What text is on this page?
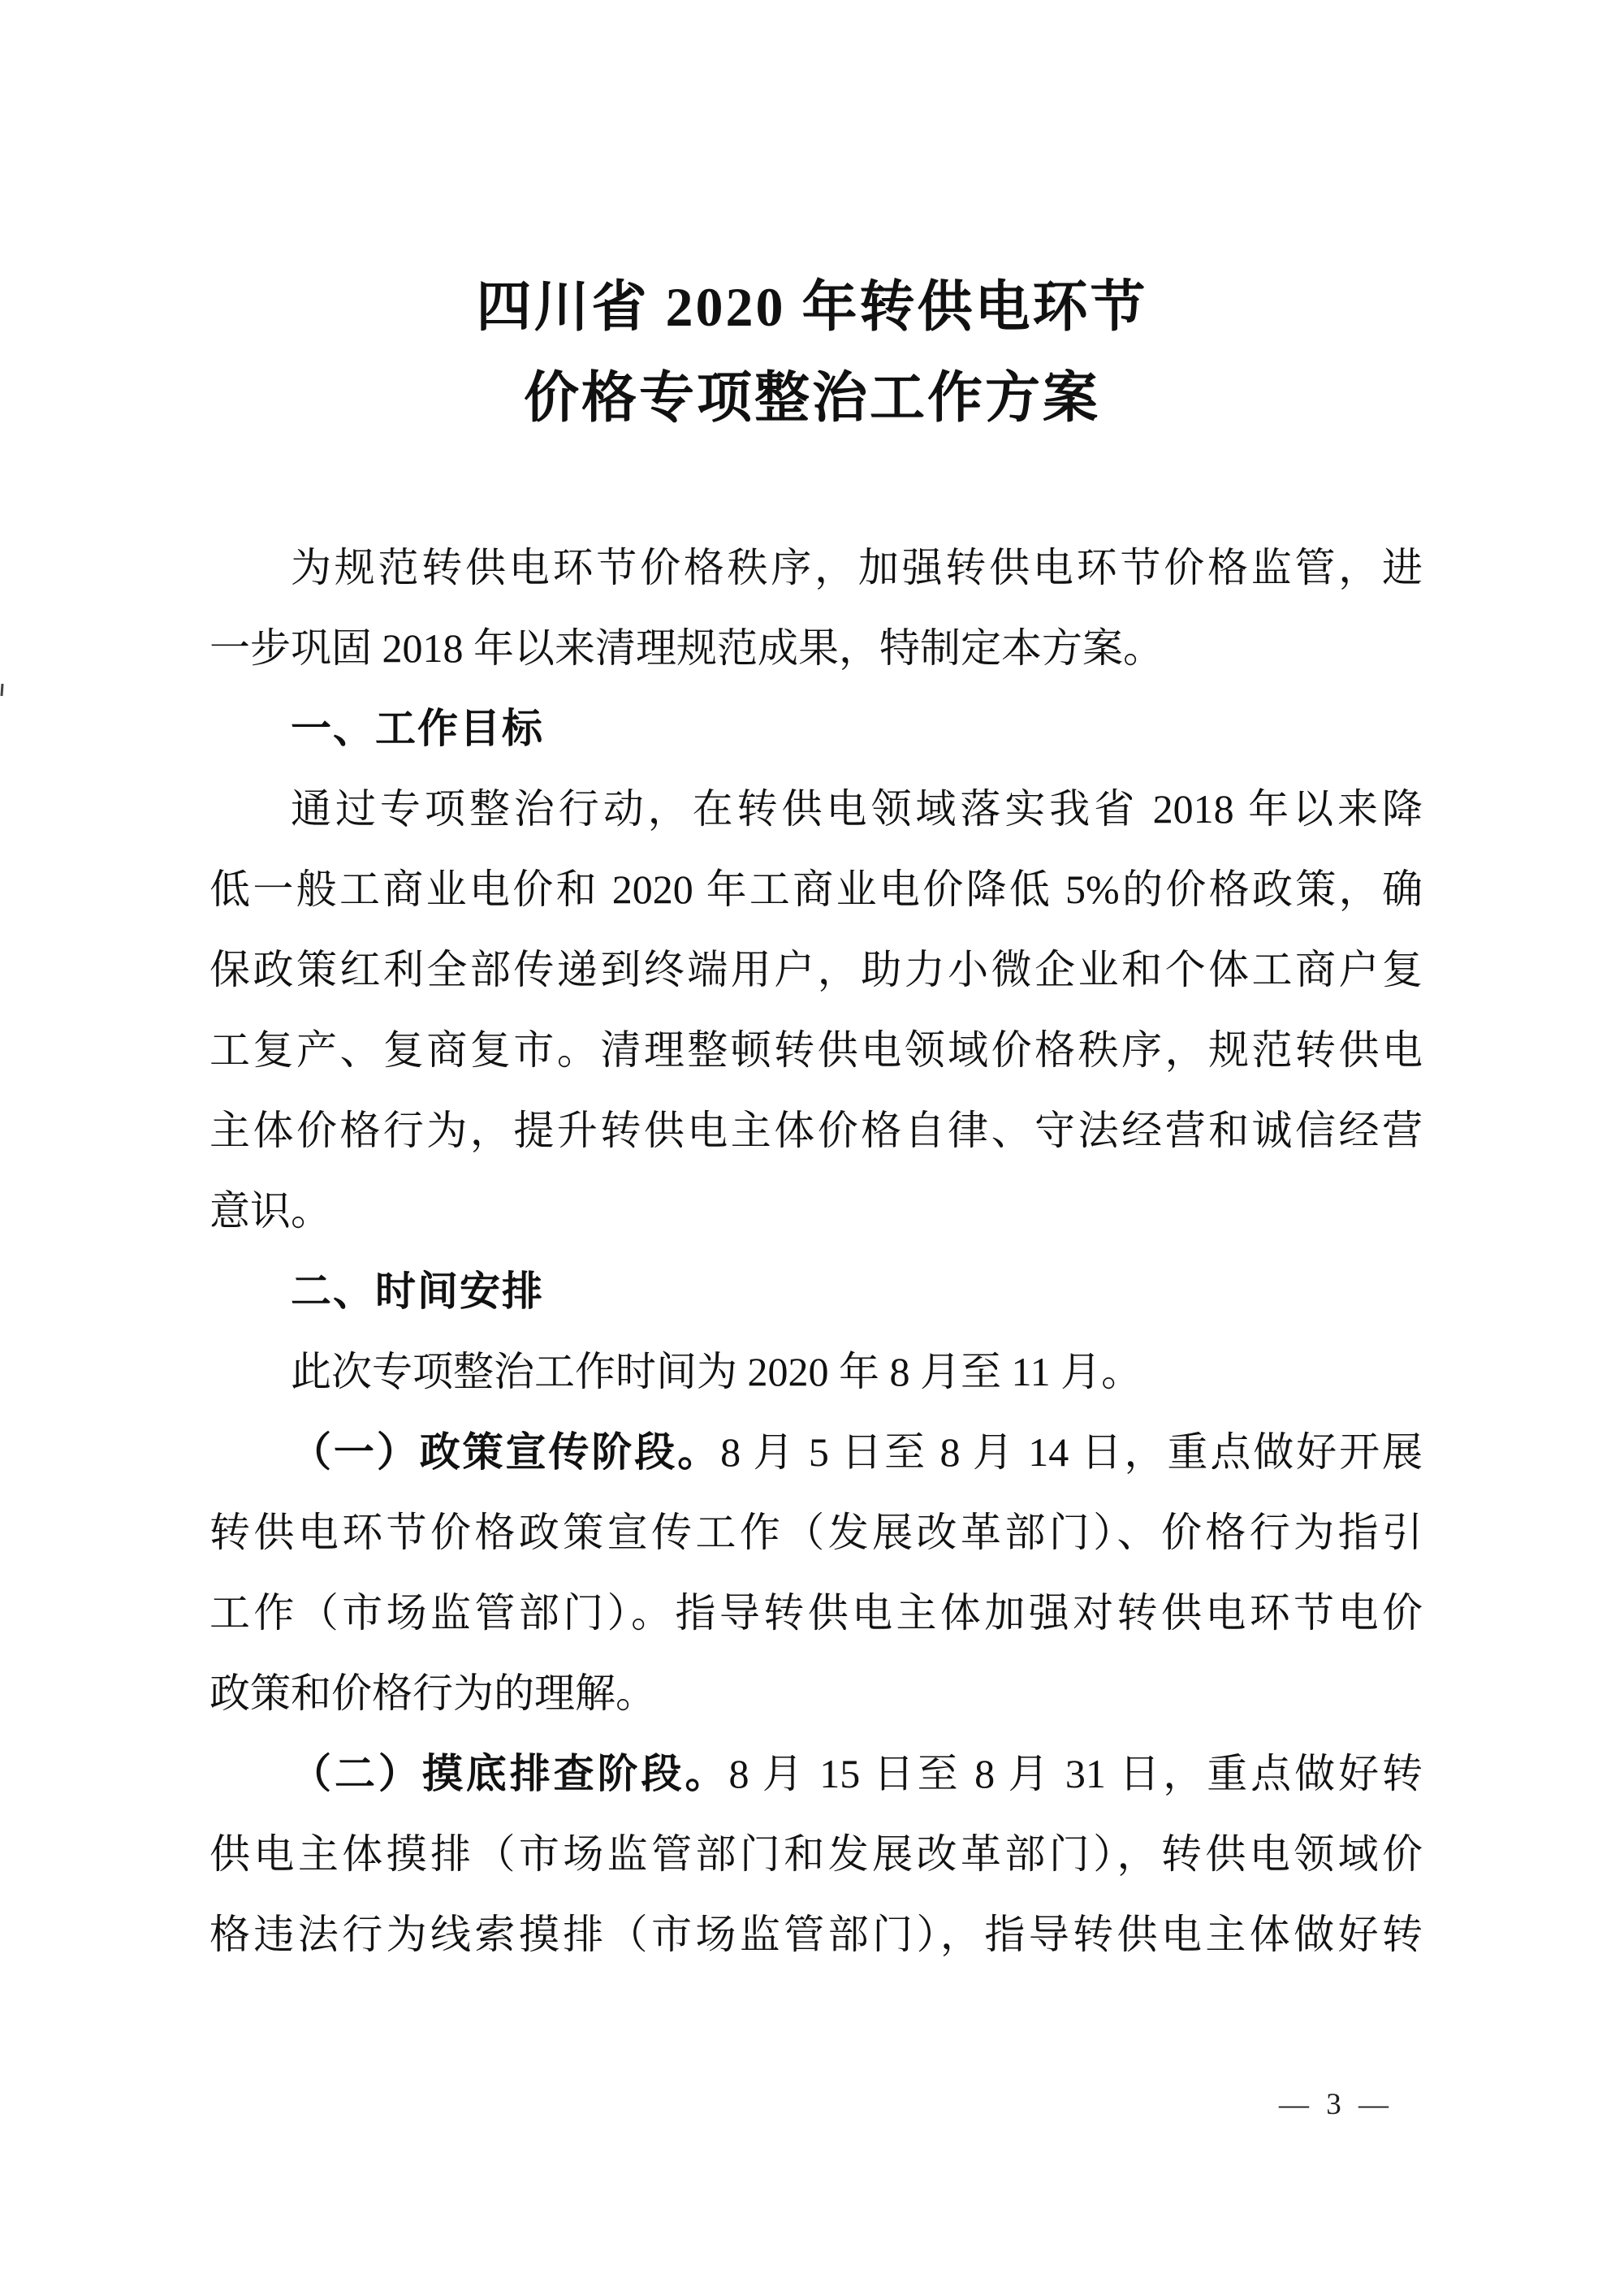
四川省 2020 年转供电环节
价格专项整治工作方案
为规范转供电环节价格秩序，加强转供电环节价格监管，进
一步巩固 2018 年以来清理规范成果，特制定本方案。
一、工作目标
通过专项整治行动，在转供电领域落实我省 2018 年以来降
低一般工商业电价和 2020 年工商业电价降低 5%的价格政策，确
保政策红利全部传递到终端用户，助力小微企业和个体工商户复
工复产、复商复市。清理整顿转供电领域价格秩序，规范转供电
主体价格行为，提升转供电主体价格自律、守法经营和诚信经营
意识。
二、时间安排
此次专项整治工作时间为 2020 年 8 月至 11 月。
（一）政策宣传阶段。8 月 5 日至 8 月 14 日，重点做好开展
转供电环节价格政策宣传工作（发展改革部门）、价格行为指引
工作（市场监管部门）。指导转供电主体加强对转供电环节电价
政策和价格行为的理解。
（二）摸底排查阶段。8 月 15 日至 8 月 31 日，重点做好转
供电主体摸排（市场监管部门和发展改革部门），转供电领域价
格违法行为线索摸排（市场监管部门），指导转供电主体做好转
— 3 —
